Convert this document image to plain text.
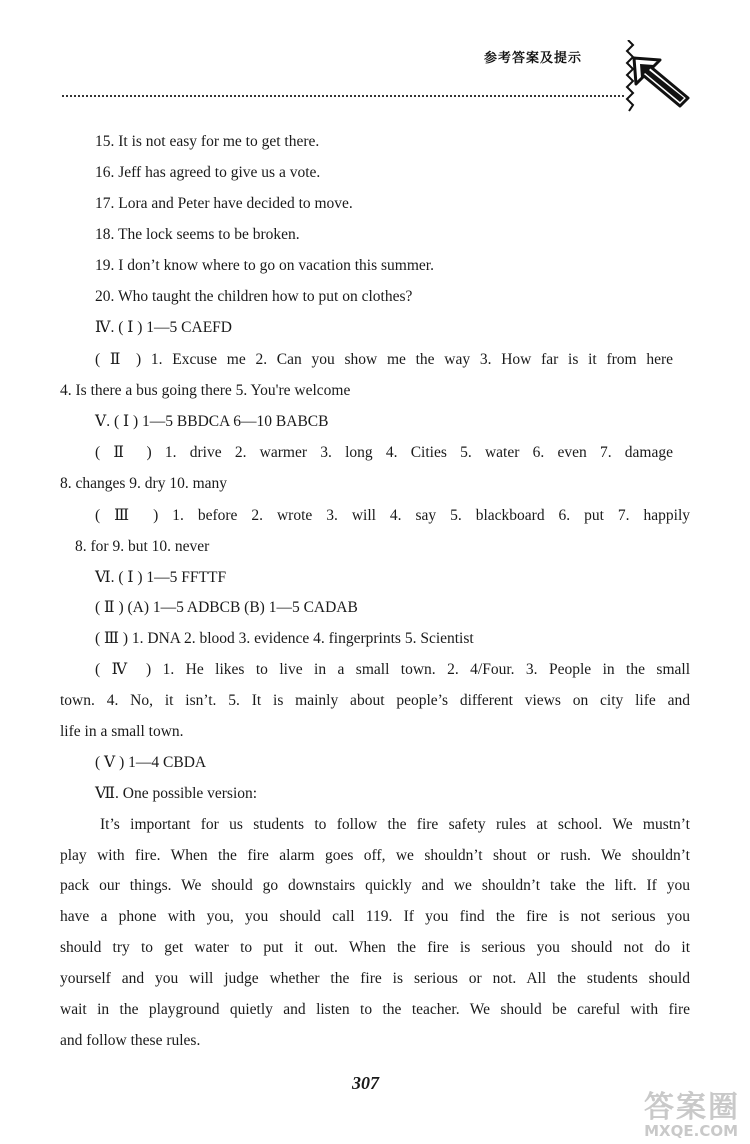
参考答案及提示
15. It is not easy for me to get there.
16. Jeff has agreed to give us a vote.
17. Lora and Peter have decided to move.
18. The lock seems to be broken.
19. I don’t know where to go on vacation this summer.
20. Who taught the children how to put on clothes?
Ⅳ. ( Ⅰ ) 1—5 CAEFD
( Ⅱ ) 1. Excuse me 2. Can you show me the way 3. How far is it from here
4. Is there a bus going there 5. You're welcome
Ⅴ. ( Ⅰ ) 1—5 BBDCA 6—10 BABCB
( Ⅱ ) 1. drive 2. warmer 3. long 4. Cities 5. water 6. even 7. damage
8. changes 9. dry 10. many
( Ⅲ ) 1. before 2. wrote 3. will 4. say 5. blackboard 6. put 7. happily
8. for 9. but 10. never
Ⅵ. ( Ⅰ ) 1—5 FFTTF
( Ⅱ ) (A) 1—5 ADBCB (B) 1—5 CADAB
( Ⅲ ) 1. DNA 2. blood 3. evidence 4. fingerprints 5. Scientist
( Ⅳ ) 1. He likes to live in a small town. 2. 4/Four. 3. People in the small
town. 4. No, it isn’t. 5. It is mainly about people’s different views on city life and
life in a small town.
( Ⅴ ) 1—4 CBDA
Ⅶ. One possible version:
It’s important for us students to follow the fire safety rules at school. We mustn’t
play with fire. When the fire alarm goes off, we shouldn’t shout or rush. We shouldn’t
pack our things. We should go downstairs quickly and we shouldn’t take the lift. If you
have a phone with you, you should call 119. If you find the fire is not serious you
should try to get water to put it out. When the fire is serious you should not do it
yourself and you will judge whether the fire is serious or not. All the students should
wait in the playground quietly and listen to the teacher. We should be careful with fire
and follow these rules.
307
答案圈
MXQE.COM
